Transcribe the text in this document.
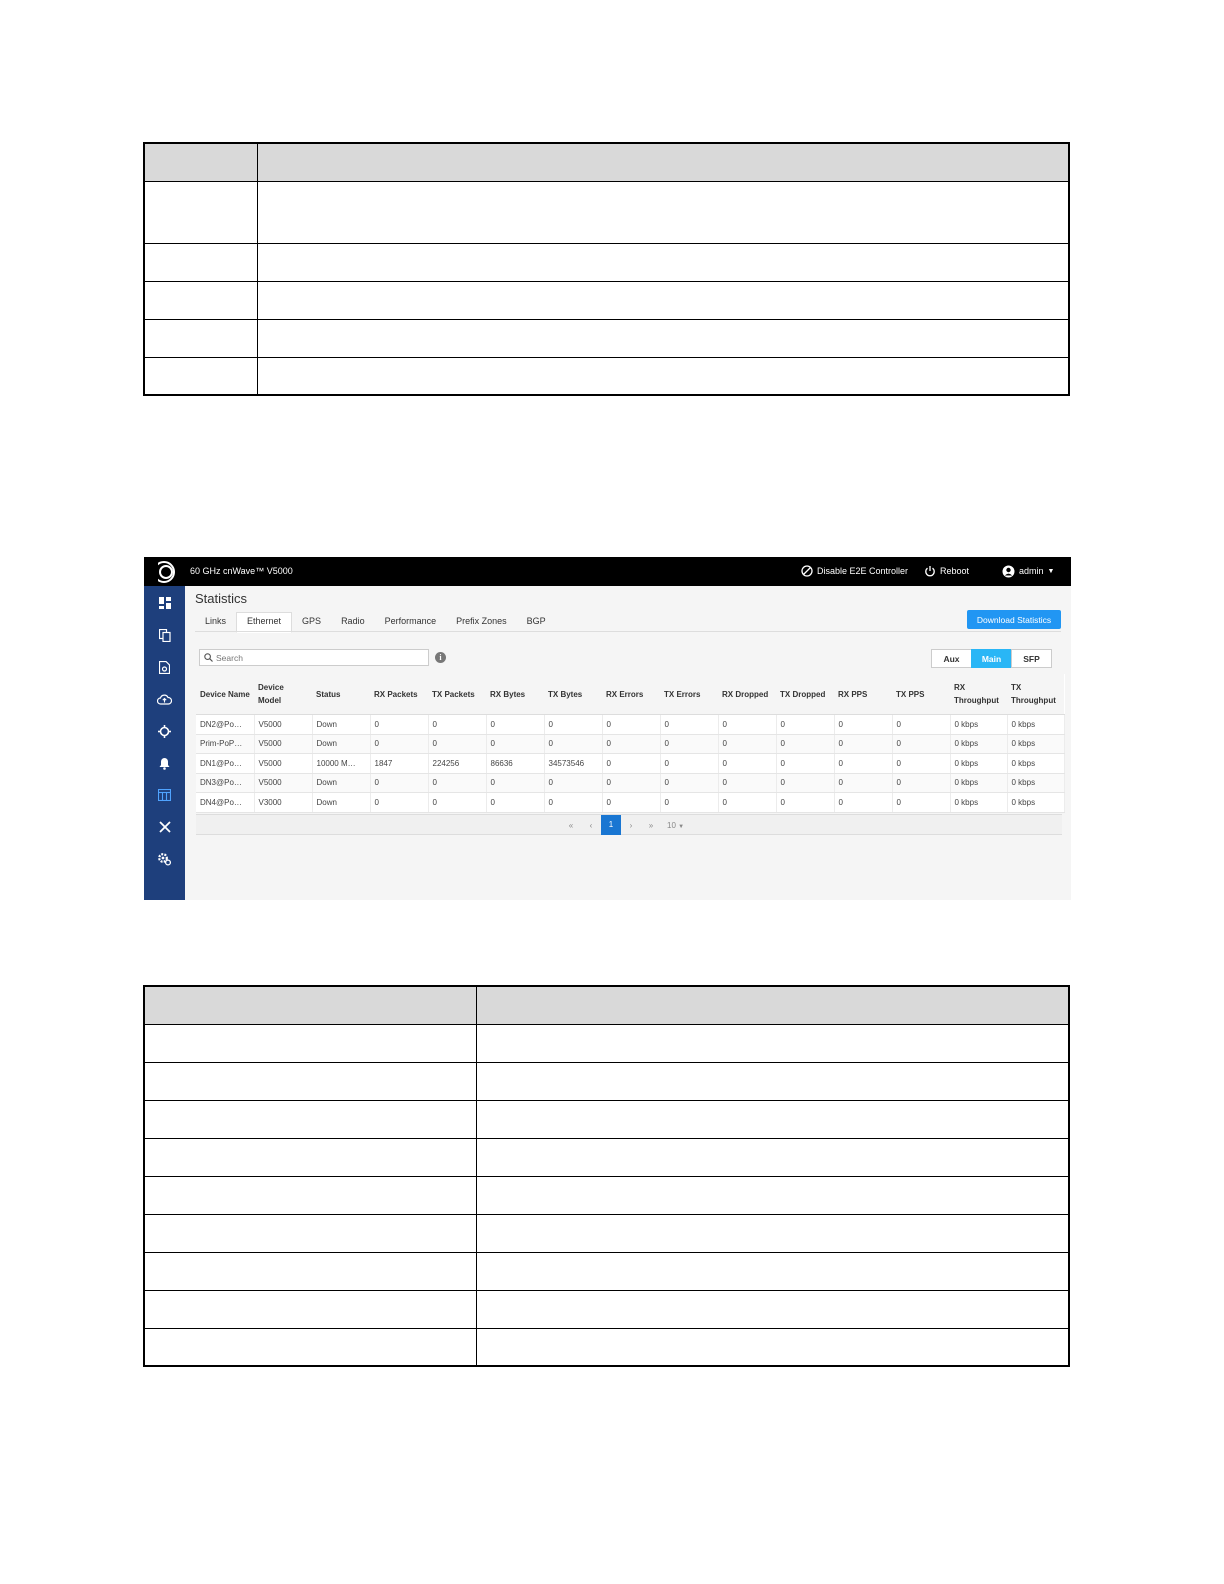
60 GHz cnWave™ V5000	Disable E2E Controller	Reboot	admin ▼
Statistics
Links	Ethernet	GPS	Radio	Performance	Prefix Zones	BGP	Download Statistics
Search
i	Aux	Main	SFP
Device Name	Device Model	Status	RX Packets	TX Packets	RX Bytes	TX Bytes	RX Errors	TX Errors	RX Dropped	TX Dropped	RX PPS	TX PPS	RX Throughput	TX Throughput
DN2@Po…	V5000	Down	0	0	0	0	0	0	0	0	0	0	0 kbps	0 kbps
Prim-PoP…	V5000	Down	0	0	0	0	0	0	0	0	0	0	0 kbps	0 kbps
DN1@Po…	V5000	10000 M…	1847	224256	86636	34573546	0	0	0	0	0	0	0 kbps	0 kbps
DN3@Po…	V5000	Down	0	0	0	0	0	0	0	0	0	0	0 kbps	0 kbps
DN4@Po…	V3000	Down	0	0	0	0	0	0	0	0	0	0	0 kbps	0 kbps
«	‹	1	›	»	10 ▼
